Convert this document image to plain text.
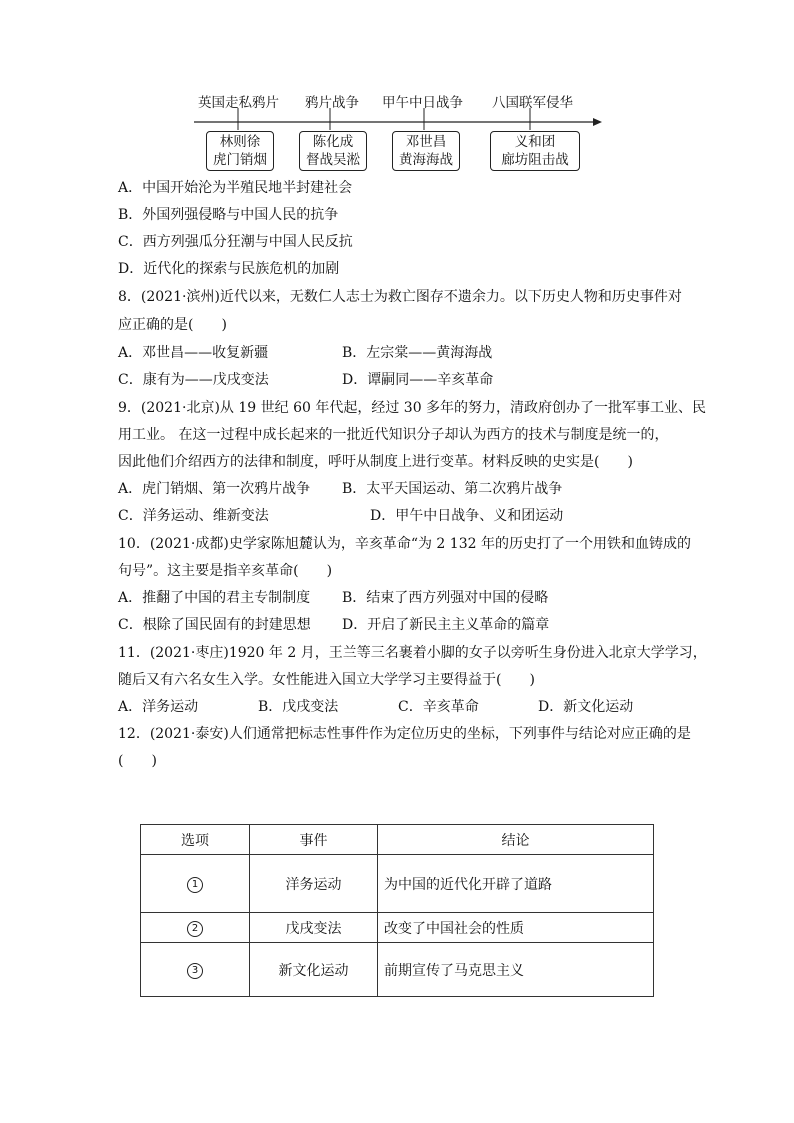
英国走私鸦片 鸦片战争 甲午中日战争 八国联军侵华
林则徐
虎门销烟
陈化成
督战吴淞
邓世昌
黄海海战
义和团
廊坊阻击战
A．中国开始沦为半殖民地半封建社会
B．外国列强侵略与中国人民的抗争
C．西方列强瓜分狂潮与中国人民反抗
D．近代化的探索与民族危机的加剧
8．(2021·滨州)近代以来，无数仁人志士为救亡图存不遗余力。以下历史人物和历史事件对
应正确的是(　　)
A．邓世昌——收复新疆	B．左宗棠——黄海海战
C．康有为——戊戌变法	D．谭嗣同——辛亥革命
9．(2021·北京)从 19 世纪 60 年代起，经过 30 多年的努力，清政府创办了一批军事工业、民
用工业。 在这一过程中成长起来的一批近代知识分子却认为西方的技术与制度是统一的，
因此他们介绍西方的法律和制度，呼吁从制度上进行变革。材料反映的史实是(　　)
A．虎门销烟、第一次鸦片战争 B．太平天国运动、第二次鸦片战争
C．洋务运动、维新变法	D．甲午中日战争、义和团运动
10．(2021·成都)史学家陈旭麓认为，辛亥革命“为 2 132 年的历史打了一个用铁和血铸成的
句号”。这主要是指辛亥革命(　　)
A．推翻了中国的君主专制制度 B．结束了西方列强对中国的侵略
C．根除了国民固有的封建思想 D．开启了新民主主义革命的篇章
11．(2021·枣庄)1920 年 2 月，王兰等三名裹着小脚的女子以旁听生身份进入北京大学学习，
随后又有六名女生入学。女性能进入国立大学学习主要得益于(　　)
A．洋务运动	B．戊戌变法	C．辛亥革命	D．新文化运动
12．(2021·泰安)人们通常把标志性事件作为定位历史的坐标，下列事件与结论对应正确的是
(　　)
选项	事件	结论
1	洋务运动	为中国的近代化开辟了道路
2	戊戌变法	改变了中国社会的性质
3	新文化运动	前期宣传了马克思主义
